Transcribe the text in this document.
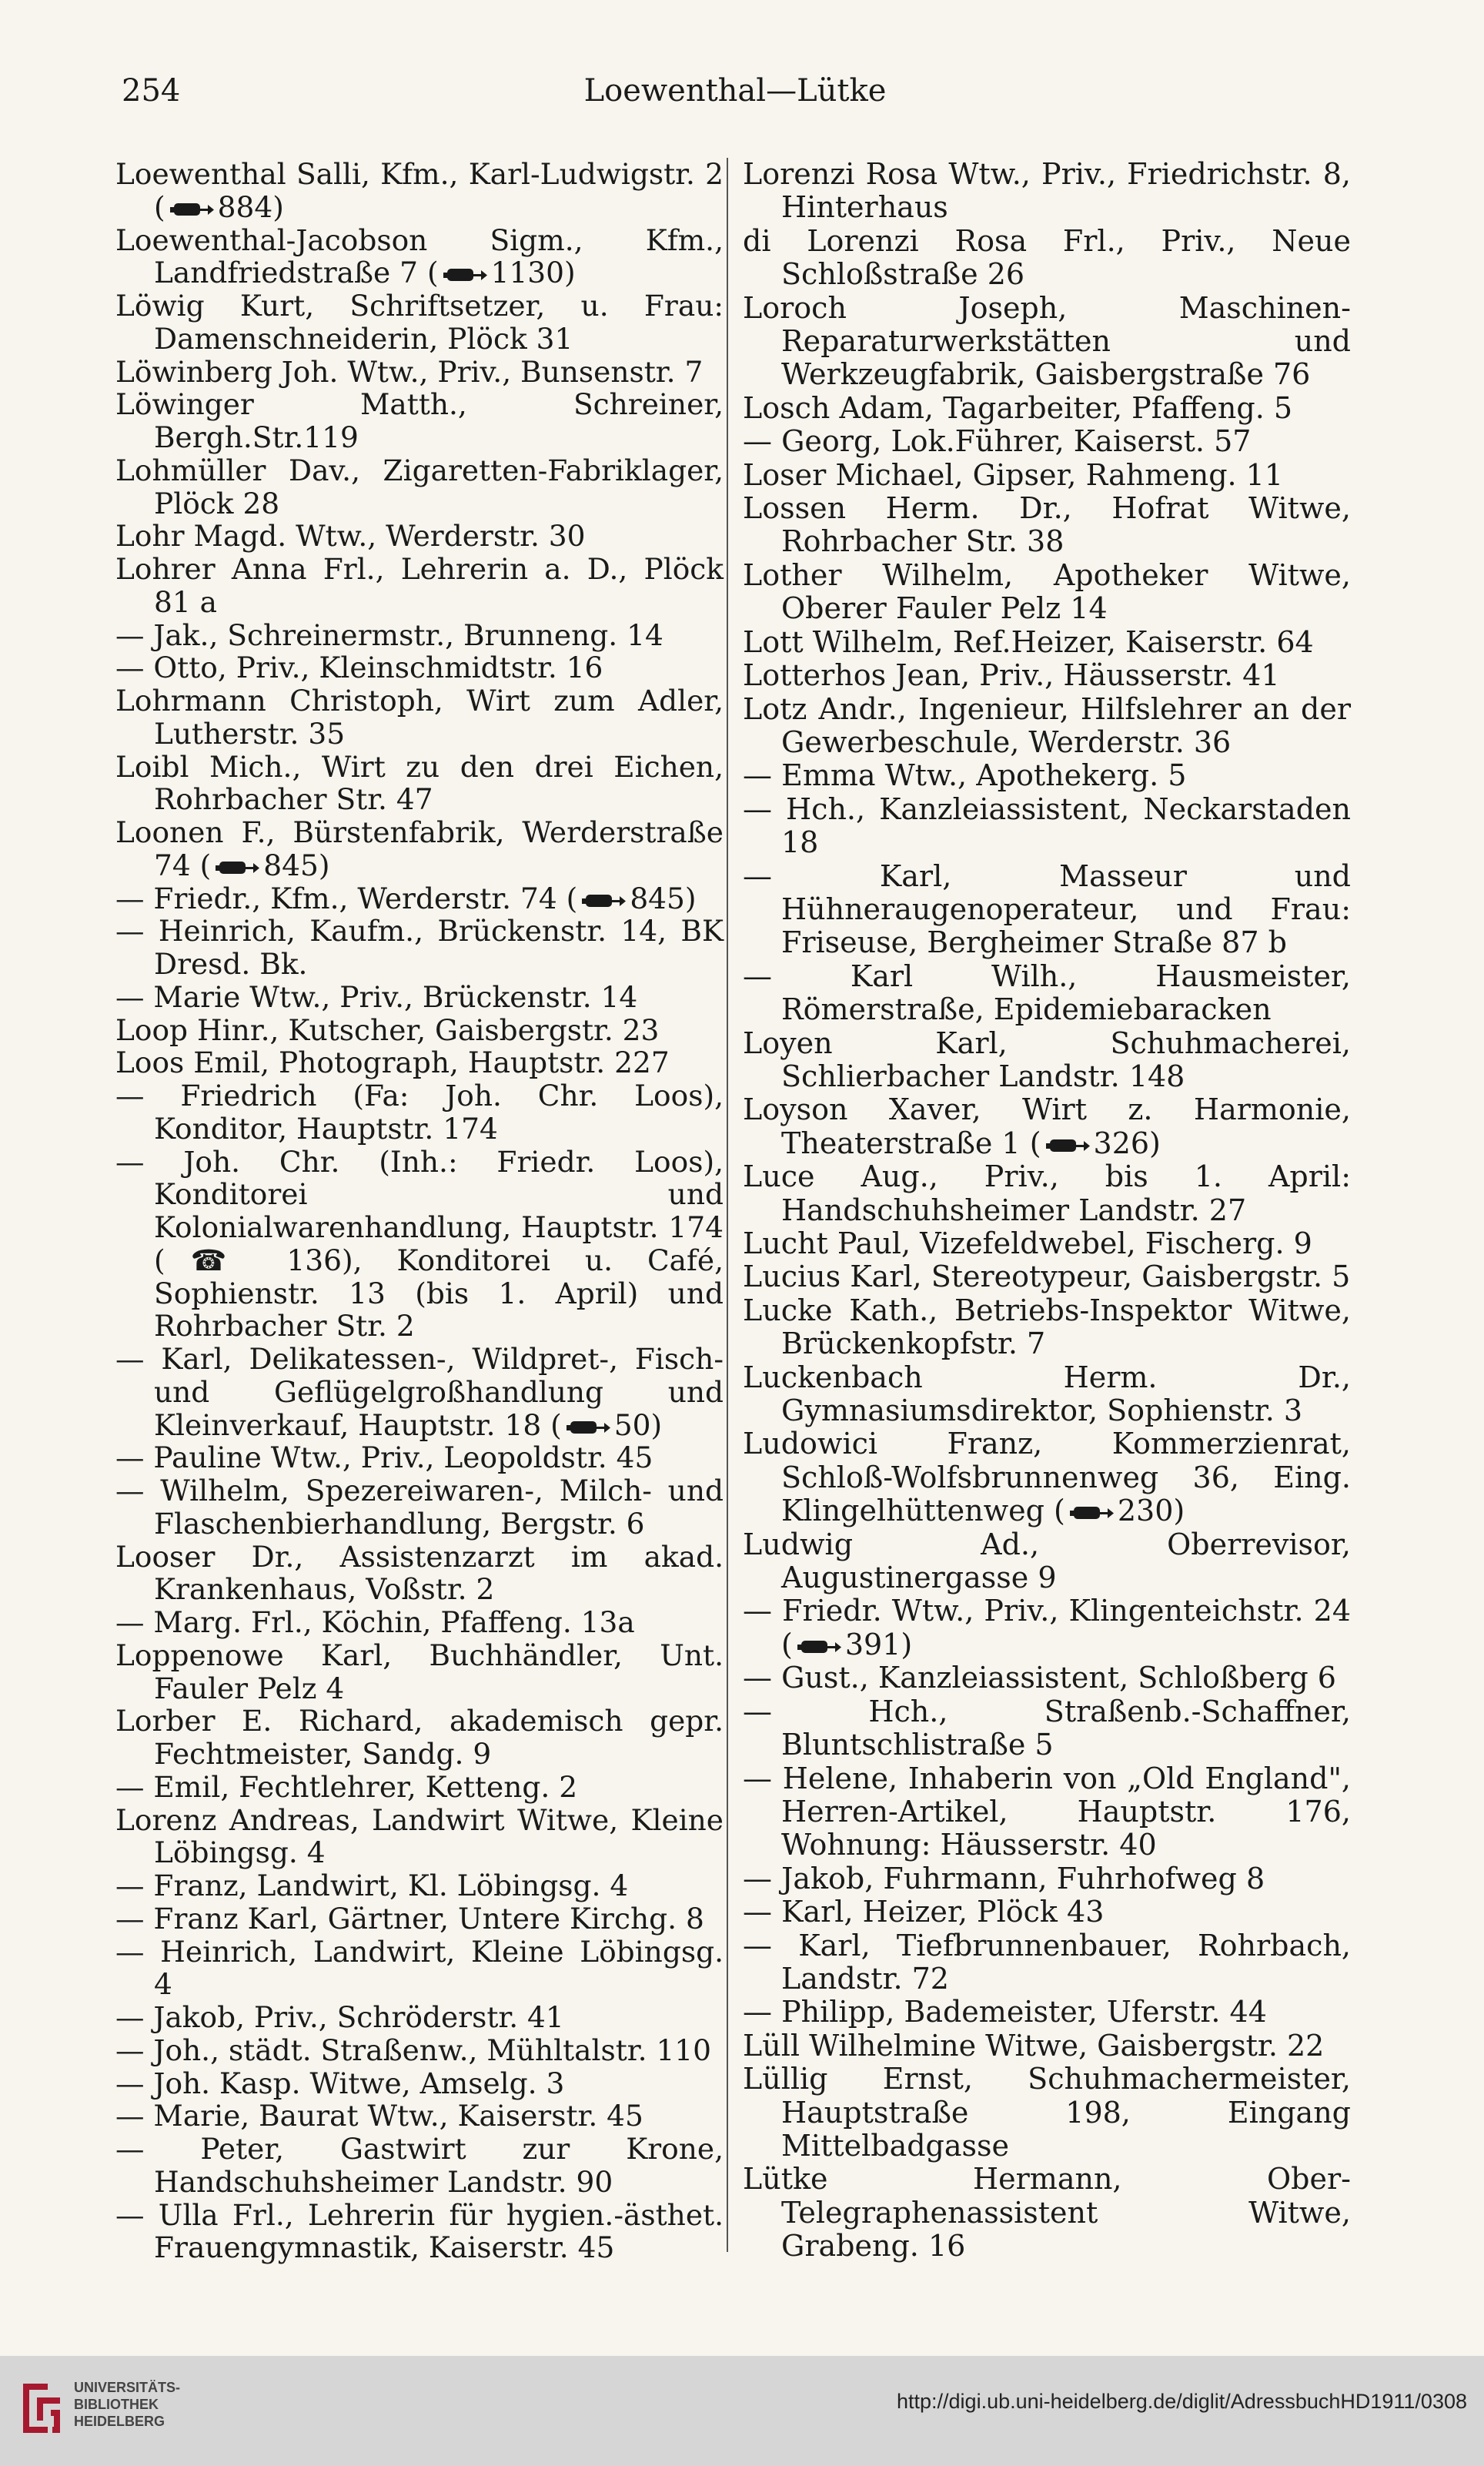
254	Loewenthal—Lütke

Loewenthal Salli, Kfm., Karl-Ludwigstr. 2 ( 884)

Loewenthal-Jacobson Sigm., Kfm., Landfriedstraße 7 ( 1130)

Löwig Kurt, Schriftsetzer, u. Frau: Damenschneiderin, Plöck 31

Löwinberg Joh. Wtw., Priv., Bunsenstr. 7

Löwinger Matth., Schreiner, Bergh.Str.119

Lohmüller Dav., Zigaretten-Fabriklager, Plöck 28

Lohr Magd. Wtw., Werderstr. 30

Lohrer Anna Frl., Lehrerin a. D., Plöck 81 a

— Jak., Schreinermstr., Brunneng. 14

— Otto, Priv., Kleinschmidtstr. 16

Lohrmann Christoph, Wirt zum Adler, Lutherstr. 35

Loibl Mich., Wirt zu den drei Eichen, Rohrbacher Str. 47

Loonen F., Bürstenfabrik, Werderstraße 74 ( 845)

— Friedr., Kfm., Werderstr. 74 ( 845)

— Heinrich, Kaufm., Brückenstr. 14, BK Dresd. Bk.

— Marie Wtw., Priv., Brückenstr. 14

Loop Hinr., Kutscher, Gaisbergstr. 23

Loos Emil, Photograph, Hauptstr. 227

— Friedrich (Fa: Joh. Chr. Loos), Konditor, Hauptstr. 174

— Joh. Chr. (Inh.: Friedr. Loos), Konditorei und Kolonialwarenhandlung, Hauptstr. 174 (☎ 136), Konditorei u. Café, Sophienstr. 13 (bis 1. April) und Rohrbacher Str. 2

— Karl, Delikatessen-, Wildpret-, Fisch- und Geflügelgroßhandlung und Kleinverkauf, Hauptstr. 18 ( 50)

— Pauline Wtw., Priv., Leopoldstr. 45

— Wilhelm, Spezereiwaren-, Milch- und Flaschenbierhandlung, Bergstr. 6

Looser Dr., Assistenzarzt im akad. Krankenhaus, Voßstr. 2

— Marg. Frl., Köchin, Pfaffeng. 13a

Loppenowe Karl, Buchhändler, Unt. Fauler Pelz 4

Lorber E. Richard, akademisch gepr. Fechtmeister, Sandg. 9

— Emil, Fechtlehrer, Ketteng. 2

Lorenz Andreas, Landwirt Witwe, Kleine Löbingsg. 4

— Franz, Landwirt, Kl. Löbingsg. 4

— Franz Karl, Gärtner, Untere Kirchg. 8

— Heinrich, Landwirt, Kleine Löbingsg. 4

— Jakob, Priv., Schröderstr. 41

— Joh., städt. Straßenw., Mühltalstr. 110

— Joh. Kasp. Witwe, Amselg. 3

— Marie, Baurat Wtw., Kaiserstr. 45

— Peter, Gastwirt zur Krone, Handschuhsheimer Landstr. 90

— Ulla Frl., Lehrerin für hygien.-ästhet. Frauengymnastik, Kaiserstr. 45

Lorenzi Rosa Wtw., Priv., Friedrichstr. 8, Hinterhaus

di Lorenzi Rosa Frl., Priv., Neue Schloßstraße 26

Loroch Joseph, Maschinen-Reparaturwerkstätten und Werkzeugfabrik, Gaisbergstraße 76

Losch Adam, Tagarbeiter, Pfaffeng. 5

— Georg, Lok.Führer, Kaiserst. 57

Loser Michael, Gipser, Rahmeng. 11

Lossen Herm. Dr., Hofrat Witwe, Rohrbacher Str. 38

Lother Wilhelm, Apotheker Witwe, Oberer Fauler Pelz 14

Lott Wilhelm, Ref.Heizer, Kaiserstr. 64

Lotterhos Jean, Priv., Häusserstr. 41

Lotz Andr., Ingenieur, Hilfslehrer an der Gewerbeschule, Werderstr. 36

— Emma Wtw., Apothekerg. 5

— Hch., Kanzleiassistent, Neckarstaden 18

— Karl, Masseur und Hühneraugenoperateur, und Frau: Friseuse, Bergheimer Straße 87 b

— Karl Wilh., Hausmeister, Römerstraße, Epidemiebaracken

Loyen Karl, Schuhmacherei, Schlierbacher Landstr. 148

Loyson Xaver, Wirt z. Harmonie, Theaterstraße 1 ( 326)

Luce Aug., Priv., bis 1. April: Handschuhsheimer Landstr. 27

Lucht Paul, Vizefeldwebel, Fischerg. 9

Lucius Karl, Stereotypeur, Gaisbergstr. 5

Lucke Kath., Betriebs-Inspektor Witwe, Brückenkopfstr. 7

Luckenbach Herm. Dr., Gymnasiumsdirektor, Sophienstr. 3

Ludowici Franz, Kommerzienrat, Schloß-Wolfsbrunnenweg 36, Eing. Klingelhüttenweg ( 230)

Ludwig Ad., Oberrevisor, Augustinergasse 9

— Friedr. Wtw., Priv., Klingenteichstr. 24 ( 391)

— Gust., Kanzleiassistent, Schloßberg 6

— Hch., Straßenb.-Schaffner, Bluntschlistraße 5

— Helene, Inhaberin von „Old England", Herren-Artikel, Hauptstr. 176, Wohnung: Häusserstr. 40

— Jakob, Fuhrmann, Fuhrhofweg 8

— Karl, Heizer, Plöck 43

— Karl, Tiefbrunnenbauer, Rohrbach, Landstr. 72

— Philipp, Bademeister, Uferstr. 44

Lüll Wilhelmine Witwe, Gaisbergstr. 22

Lüllig Ernst, Schuhmachermeister, Hauptstraße 198, Eingang Mittelbadgasse

Lütke Hermann, Ober-Telegraphenassistent Witwe, Grabeng. 16

UNIVERSITÄTS-
BIBLIOTHEK
HEIDELBERG
http://digi.ub.uni-heidelberg.de/diglit/AdressbuchHD1911/0308
